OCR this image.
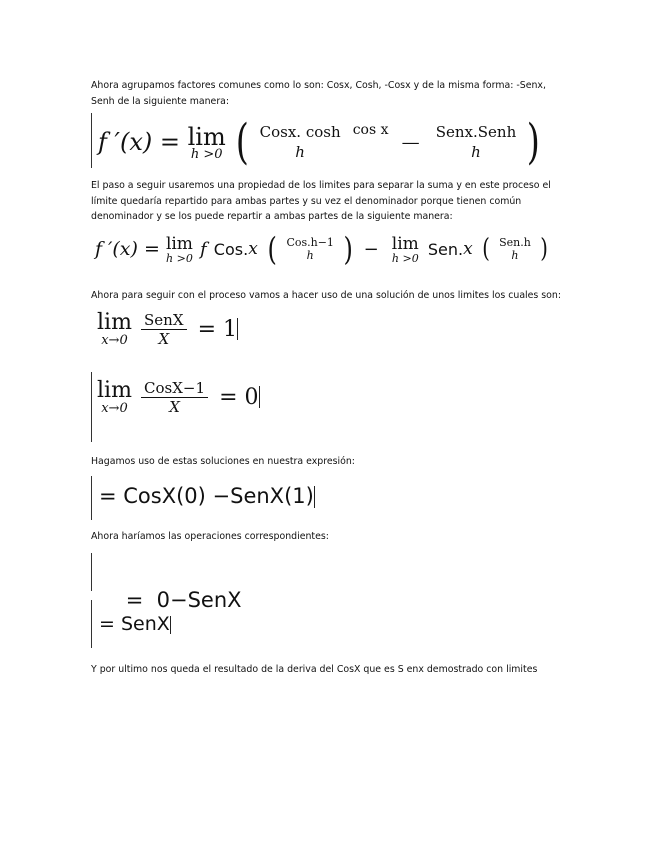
Ahora agrupamos factores comunes como lo son: Cosx, Cosh, -Cosx y de la misma forma: -Senx, Senh de la siguiente manera:
f ′(x) = lim
h >0 ( Cosx. cosh
h
cos x — Senx.Senh
h )
El paso a seguir usaremos una propiedad de los limites para separar la suma y en este proceso el límite quedaría repartido para ambas partes y su vez el denominador porque tienen común denominador y se los puede repartir a ambas partes de la siguiente manera:
f ′(x) = lim
h >0 f Cos.x ( Cos.h−1
h ) − lim
h >0 Sen.x ( Sen.h
h )
Ahora para seguir con el proceso vamos a hacer uso de una solución de unos limites los cuales son:
lim
x→0
$\frac{\text{SenX}}{X} = 1$
lim
x→0
$\frac{\text{CosX−1}}{X} = 0$
Hagamos uso de estas soluciones en nuestra expresión:
= CosX(0) −SenX(1)
Ahora haríamos las operaciones correspondientes:

=  0−SenX

= SenX
Y por ultimo nos queda el resultado de la deriva del CosX que es S enx demostrado con limites
